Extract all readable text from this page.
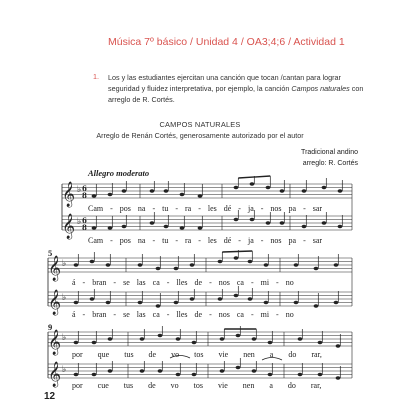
Música 7º básico / Unidad 4 / OA3;4;6 / Actividad 1
1. Los y las estudiantes ejercitan una canción que tocan /cantan para lograr seguridad y fluidez interpretativa, por ejemplo, la canción Campos naturales con arreglo de R. Cortés.
CAMPOS NATURALES
Arreglo de Renán Cortés, generosamente autorizado por el autor
Tradicional andino
arreglo: R. Cortés
Allegro moderato
𝄞
𝄞
♭
♭
6
8
6
8
𝄞
𝄞
♭
♭
𝄞
𝄞
♭
♭
5
9
Cam - pos na - tu - ra - les dé - ja - nos pa - sar
Cam - pos na - tu - ra - les dé - ja - nos pa - sar
á - bran - se las ca - lles de - nos ca - mi - no
á - bran - se las ca - lles de - nos ca - mi - no
por que tus de vo tos vie nen a do rar,
por cue tus de vo tos vie nen a do rar,
12
